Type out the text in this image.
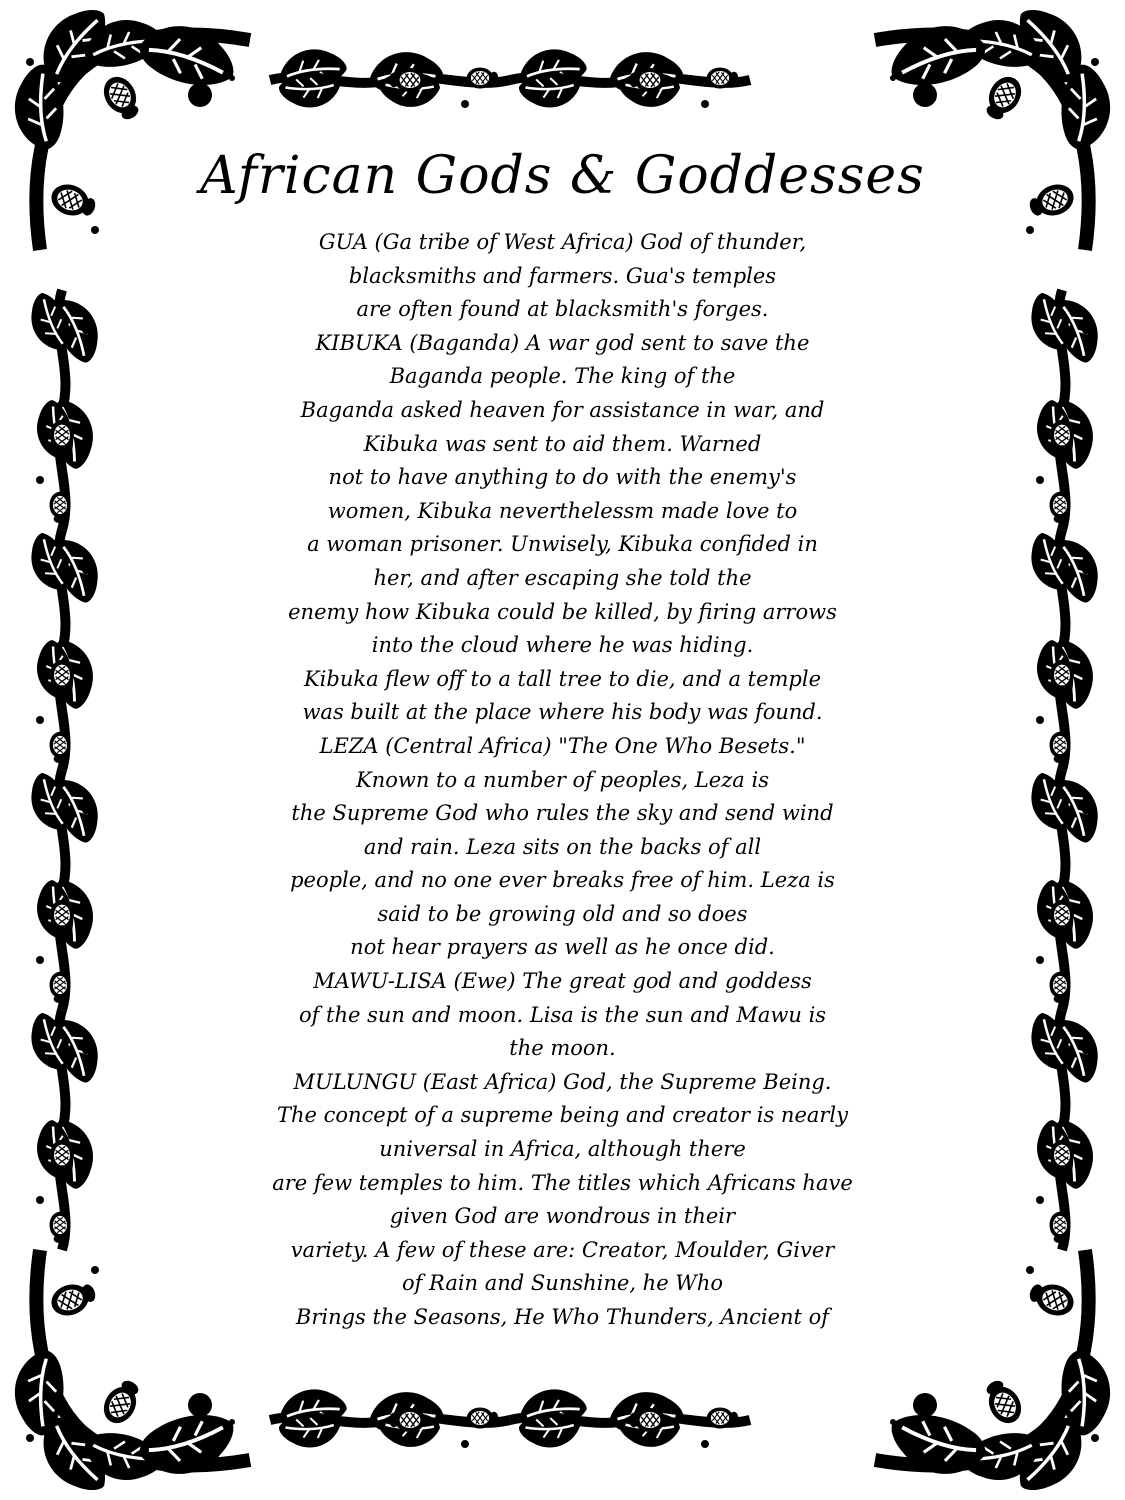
African Gods & Goddesses
GUA (Ga tribe of West Africa) God of thunder,
blacksmiths and farmers. Gua's temples
are often found at blacksmith's forges.
KIBUKA (Baganda) A war god sent to save the
Baganda people. The king of the
Baganda asked heaven for assistance in war, and
Kibuka was sent to aid them. Warned
not to have anything to do with the enemy's
women, Kibuka neverthelessm made love to
a woman prisoner. Unwisely, Kibuka confided in
her, and after escaping she told the
enemy how Kibuka could be killed, by firing arrows
into the cloud where he was hiding.
Kibuka flew off to a tall tree to die, and a temple
was built at the place where his body was found.
LEZA (Central Africa) "The One Who Besets."
Known to a number of peoples, Leza is
the Supreme God who rules the sky and send wind
and rain. Leza sits on the backs of all
people, and no one ever breaks free of him. Leza is
said to be growing old and so does
not hear prayers as well as he once did.
MAWU-LISA (Ewe) The great god and goddess
of the sun and moon. Lisa is the sun and Mawu is
the moon.
MULUNGU (East Africa) God, the Supreme Being.
The concept of a supreme being and creator is nearly
universal in Africa, although there
are few temples to him. The titles which Africans have
given God are wondrous in their
variety. A few of these are: Creator, Moulder, Giver
of Rain and Sunshine, he Who
Brings the Seasons, He Who Thunders, Ancient of
